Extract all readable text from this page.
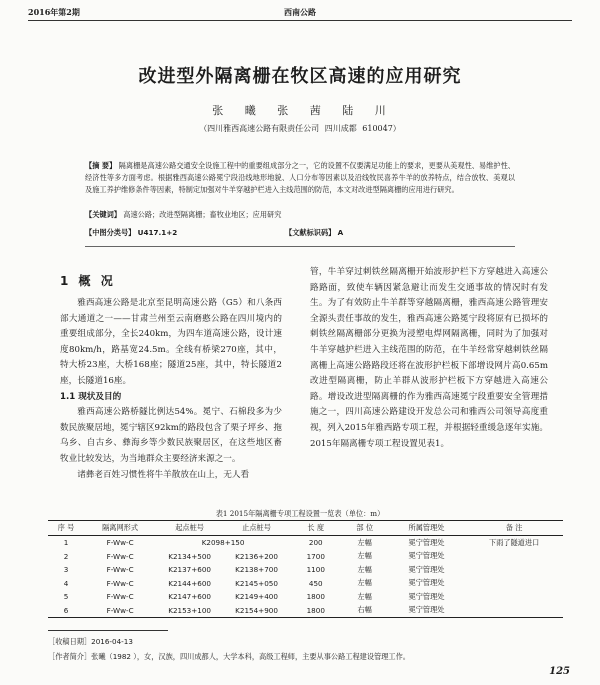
2016年第2期	西南公路
改进型外隔离栅在牧区高速的应用研究
张 曦 张 茜 陆 川
（四川雅西高速公路有限责任公司 四川成都 610047）
【摘 要】 隔离栅是高速公路交通安全设施工程中的重要组成部分之一，它的设置不仅要满足功能上的要求，更要从美观性、易维护性、经济性等多方面考虑。根据雅西高速公路冕宁段沿线地形地貌、人口分布等因素以及沿线牧民喜养牛羊的放养特点，结合放牧、美观以及施工养护维修条件等因素，特制定加强对牛羊穿越护栏进入主线范围的防范，本文对改进型隔离栅的应用进行研究。
【关键词】 高速公路；改进型隔离栅；畜牧业地区；应用研究
【中图分类号】 U417.1+2	【文献标识码】 A
1 概 况

雅西高速公路是北京至昆明高速公路（G5）和八条西部大通道之一——甘肃兰州至云南磨憨公路在四川境内的重要组成部分，全长240km，为四车道高速公路，设计速度80km/h，路基宽24.5m。全线有桥梁270座，其中，特大桥23座，大桥168座；隧道25座，其中，特长隧道2座，长隧道16座。

1.1 现状及目的

雅西高速公路桥隧比例达54%。冕宁、石棉段多为少数民族聚居地，冕宁辖区92km的路段包含了栗子坪乡、拖乌乡、自古乡、彝海乡等少数民族聚居区，在这些地区畜牧业比较发达，为当地群众主要经济来源之一。

诸彝老百姓习惯性将牛羊散放在山上，无人看

管，牛羊穿过刺铁丝隔离栅开始波形护栏下方穿越进入高速公路路面，致使车辆因紧急避让而发生交通事故的情况时有发生。为了有效防止牛羊群等穿越隔离栅，雅西高速公路管理安全源头责任事故的发生，雅西高速公路冕宁段将原有已损坏的刺铁丝隔离栅部分更换为浸塑电焊网隔离栅，同时为了加强对牛羊穿越护栏进入主线范围的防范，在牛羊经常穿越刺铁丝隔离栅上高速公路路段还将在波形护栏板下部增设网片高0.65m改进型隔离栅，防止羊群从波形护栏板下方穿越进入高速公路。增设改进型隔离栅的作为雅西高速冕宁段重要安全管理措施之一，四川高速公路建设开发总公司和雅西公司领导高度重视，列入2015年雅西路专项工程，并根据轻重缓急逐年实施。2015年隔离栅专项工程设置见表1。

表1 2015年隔离栅专项工程设置一览表（单位：m）
序 号	隔离网形式	起点桩号	止点桩号	长 度	部 位	所属管理处	备 注
1	F-Ww-C	K2098+150		200	左幅	冕宁管理处	下雨了隧道进口
2	F-Ww-C	K2134+500	K2136+200	1700	左幅	冕宁管理处	
3	F-Ww-C	K2137+600	K2138+700	1100	左幅	冕宁管理处	
4	F-Ww-C	K2144+600	K2145+050	450	左幅	冕宁管理处	
5	F-Ww-C	K2147+600	K2149+400	1800	左幅	冕宁管理处	
6	F-Ww-C	K2153+100	K2154+900	1800	右幅	冕宁管理处	
［收稿日期］2016-04-13
［作者简介］张曦（1982 ），女，汉族，四川成都人，大学本科，高级工程师，主要从事公路工程建设管理工作。
125
